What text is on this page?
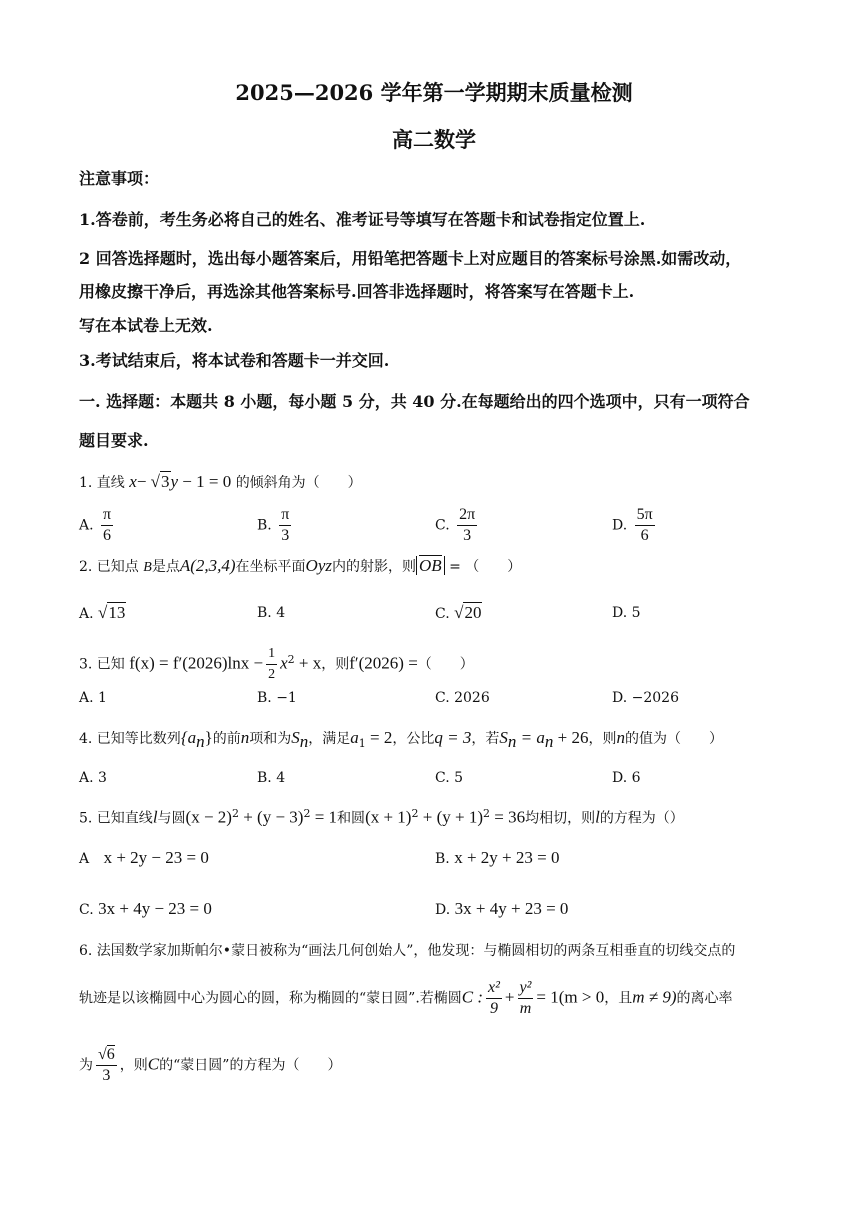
2025—2026 学年第一学期期末质量检测
高二数学
注意事项：
1.答卷前，考生务必将自己的姓名、准考证号等填写在答题卡和试卷指定位置上.
2 回答选择题时，选出每小题答案后，用铅笔把答题卡上对应题目的答案标号涂黑.如需改动，
用橡皮擦干净后，再选涂其他答案标号.回答非选择题时，将答案写在答题卡上.
写在本试卷上无效.
3.考试结束后，将本试卷和答题卡一并交回.
一. 选择题：本题共 8 小题，每小题 5 分，共 40 分.在每题给出的四个选项中，只有一项符合
题目要求.
1. 直线 x− √3y − 1 = 0 的倾斜角为（　　）
A. $\frac{\pi}{6}$	B. $\frac{\pi}{3}$	C. $\frac{2\pi}{3}$	D. $\frac{5\pi}{6}$
2. 已知点 B是点A(2,3,4)在坐标平面Oyz内的射影，则 OB = （　　）
A. √13	B. 4	C. √20	D. 5
3. 已知 $f(x) = f'(2026)\ln x - \frac{1}{2} x^2 + x$，则f′(2026) =（　　）
A. 1	B. −1	C. 2026	D. −2026
4. 已知等比数列$\{a_n\}$的前n项和为$S_n$，满足$a_1 = 2$，公比q = 3，若$S_n = a_n + 26$，则n的值为（　　）
A. 3	B. 4	C. 5	D. 6
5. 已知直线l与圆$(x - 2)^2 + (y - 3)^2 = 1$和圆$(x + 1)^2 + (y + 1)^2 = 36$均相切，则l的方程为（）
A x + 2y − 23 = 0	B. x + 2y + 23 = 0
C. 3x + 4y − 23 = 0	D. 3x + 4y + 23 = 0
6. 法国数学家加斯帕尔•蒙日被称为“画法几何创始人”，他发现：与椭圆相切的两条互相垂直的切线交点的
轨迹是以该椭圆中心为圆心的圆，称为椭圆的“蒙日圆”.若椭圆C : $\frac{\text{x²}}{9} + \frac{\text{y²}}{m} = 1(m > 0$，且m ≠ 9)的离心率
为 $\frac{√6}{3}$ ，则C的“蒙日圆”的方程为（　　）
